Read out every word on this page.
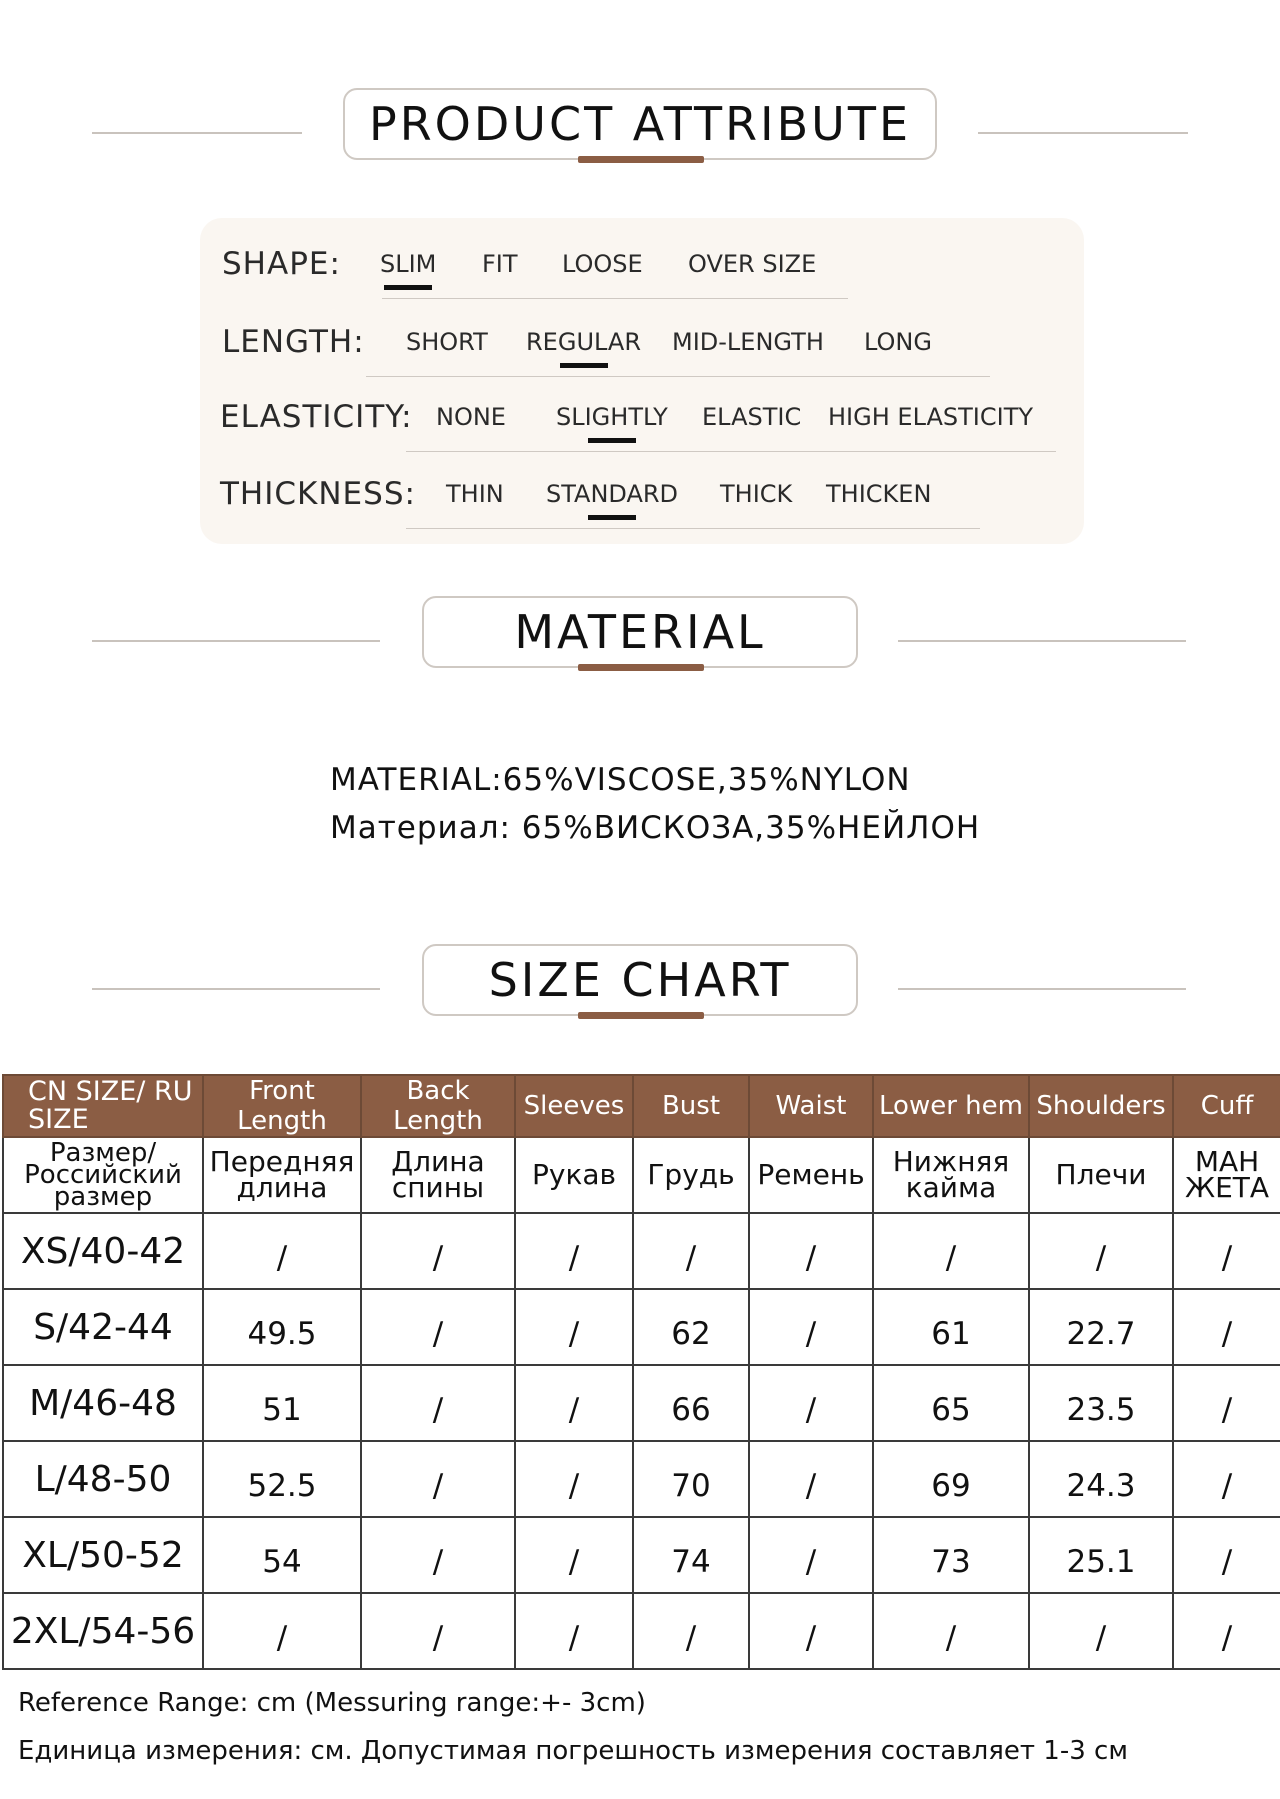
PRODUCT ATTRIBUTE
SHAPE: SLIM FIT LOOSE OVER SIZE
LENGTH: SHORT REGULAR MID-LENGTH LONG
ELASTICITY: NONE SLIGHTLY ELASTIC HIGH ELASTICITY
THICKNESS: THIN STANDARD THICK THICKEN
MATERIAL
MATERIAL:65%VISCOSE,35%NYLON
Материал: 65%ВИСКОЗА,35%НЕЙЛОН
SIZE CHART
CN SIZE/ RU SIZE	Front Length	Back Length	Sleeves	Bust	Waist	Lower hem	Shoulders	Cuff
Размер/ Российский размер	Передняя длина	Длина спины	Рукав	Грудь	Ремень	Нижняя кайма	Плечи	МАН ЖЕТА
XS/40-42	/	/	/	/	/	/	/	/
S/42-44	49.5	/	/	62	/	61	22.7	/
M/46-48	51	/	/	66	/	65	23.5	/
L/48-50	52.5	/	/	70	/	69	24.3	/
XL/50-52	54	/	/	74	/	73	25.1	/
2XL/54-56	/	/	/	/	/	/	/	/
Reference Range: cm (Messuring range:+- 3cm)
Единица измерения: см. Допустимая погрешность измерения составляет 1-3 см
